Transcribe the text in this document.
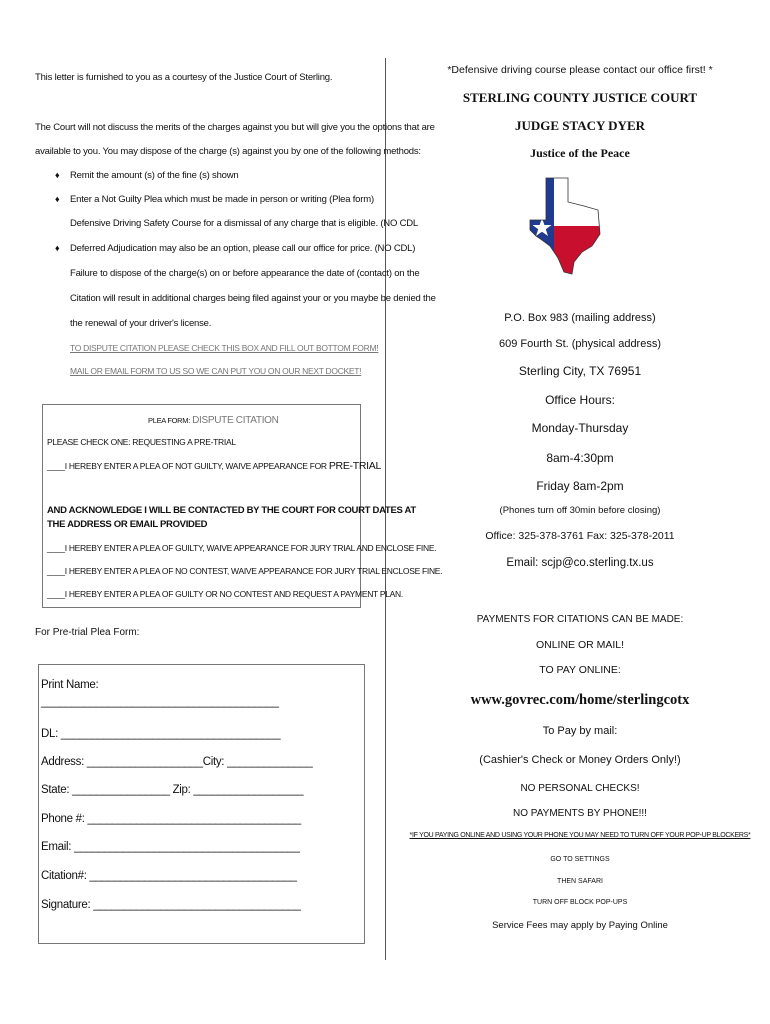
This letter is furnished to you as a courtesy of the Justice Court of Sterling.
The Court will not discuss the merits of the charges against you but will give you the options that are
available to you. You may dispose of the charge (s) against you by one of the following methods:
♦ Remit the amount (s) of the fine (s) shown
♦ Enter a Not Guilty Plea which must be made in person or writing (Plea form)
Defensive Driving Safety Course for a dismissal of any charge that is eligible. (NO CDL
♦ Deferred Adjudication may also be an option, please call our office for price. (NO CDL)
Failure to dispose of the charge(s) on or before appearance the date of (contact) on the
Citation will result in additional charges being filed against your or you maybe be denied the
the renewal of your driver's license.
TO DISPUTE CITATION PLEASE CHECK THIS BOX AND FILL OUT BOTTOM FORM!
MAIL OR EMAIL FORM TO US SO WE CAN PUT YOU ON OUR NEXT DOCKET!
PLEA FORM: DISPUTE CITATION
PLEASE CHECK ONE: REQUESTING A PRE-TRIAL
____I HEREBY ENTER A PLEA OF NOT GUILTY, WAIVE APPEARANCE FOR PRE-TRIAL
AND ACKNOWLEDGE I WILL BE CONTACTED BY THE COURT FOR COURT DATES AT
THE ADDRESS OR EMAIL PROVIDED
____I HEREBY ENTER A PLEA OF GUILTY, WAIVE APPEARANCE FOR JURY TRIAL AND ENCLOSE FINE.
____I HEREBY ENTER A PLEA OF NO CONTEST, WAIVE APPEARANCE FOR JURY TRIAL ENCLOSE FINE.
____I HEREBY ENTER A PLEA OF GUILTY OR NO CONTEST AND REQUEST A PAYMENT PLAN.
For Pre-trial Plea Form:
Print Name:
_______________________________________
DL: ____________________________________
Address: ___________________City: ______________
State: ________________ Zip: __________________
Phone #: ___________________________________
Email: _____________________________________
Citation#: __________________________________
Signature: __________________________________
*Defensive driving course please contact our office first! *
STERLING COUNTY JUSTICE COURT
JUDGE STACY DYER
Justice of the Peace
P.O. Box 983 (mailing address)
609 Fourth St. (physical address)
Sterling City, TX 76951
Office Hours:
Monday-Thursday
8am-4:30pm
Friday 8am-2pm
(Phones turn off 30min before closing)
Office: 325-378-3761 Fax: 325-378-2011
Email: scjp@co.sterling.tx.us
PAYMENTS FOR CITATIONS CAN BE MADE:
ONLINE OR MAIL!
TO PAY ONLINE:
www.govrec.com/home/sterlingcotx
To Pay by mail:
(Cashier's Check or Money Orders Only!)
NO PERSONAL CHECKS!
NO PAYMENTS BY PHONE!!!
*IF YOU PAYING ONLINE AND USING YOUR PHONE YOU MAY NEED TO TURN OFF YOUR POP-UP BLOCKERS*
GO TO SETTINGS
THEN SAFARI
TURN OFF BLOCK POP-UPS
Service Fees may apply by Paying Online
